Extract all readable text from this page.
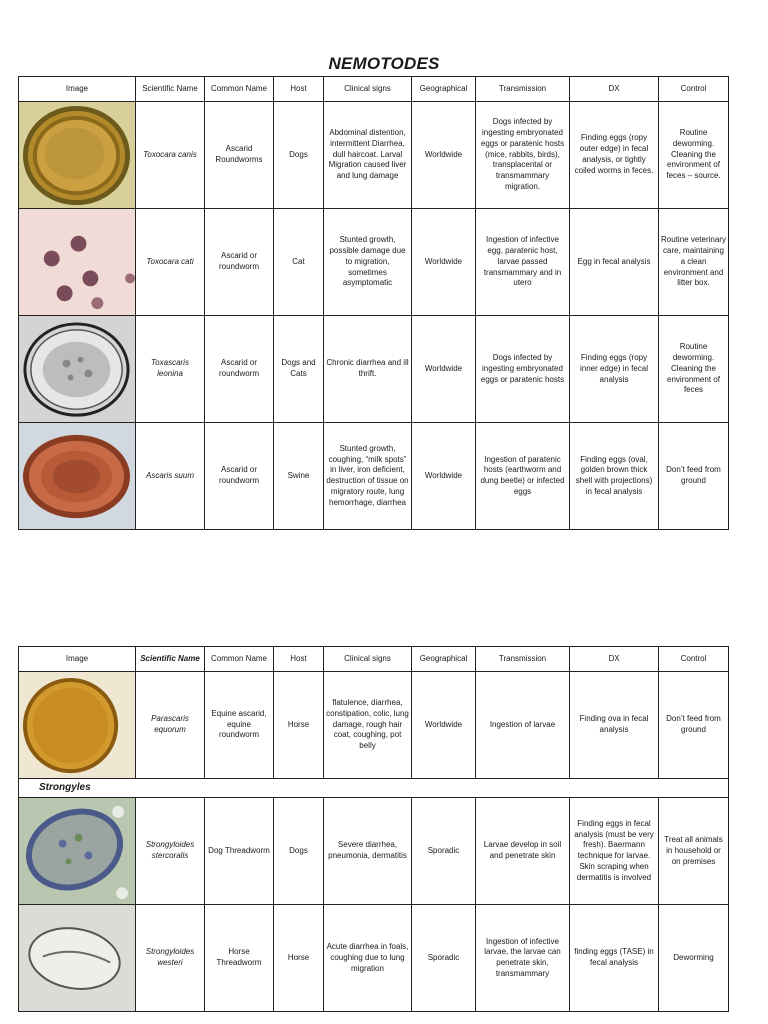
NEMOTODES
Image	Scientific Name	Common Name	Host	Clinical signs	Geographical	Transmission	DX	Control

	Toxocara canis	Ascarid Roundworms	Dogs	Abdominal distention, intermittent Diarrhea, dull haircoat. Larval Migration caused liver and lung damage	Worldwide	Dogs infected by ingesting embryonated eggs or paratenic hosts (mice, rabbits, birds), transplacental or transmammary migration.	Finding eggs (ropy outer edge) in fecal analysis, or tightly coiled worms in feces.	Routine deworming. Cleaning the environment of feces – source.

	Toxocara cati	Ascarid or roundworm	Cat	Stunted growth, possible damage due to migration, sometimes asymptomatic	Worldwide	Ingestion of infective egg, paratenic host, larvae passed transmammary and in utero	Egg in fecal analysis	Routine veterinary care, maintaining a clean environment and litter box.

	Toxascaris leonina	Ascarid or roundworm	Dogs and Cats	Chronic diarrhea and ill thrift.	Worldwide	Dogs infected by ingesting embryonated eggs or paratenic hosts	Finding eggs (ropy inner edge) in fecal analysis	Routine deworming. Cleaning the environment of feces

	Ascaris suum	Ascarid or roundworm	Swine	Stunted growth, coughing, “milk spots” in liver, iron deficient, destruction of tissue on migratory route, lung hemorrhage, diarrhea	Worldwide	Ingestion of paratenic hosts (earthworm and dung beetle) or infected eggs	Finding eggs (oval, golden brown thick shell with projections) in fecal analysis	Don’t feed from ground
Image	Scientific Name	Common Name	Host	Clinical signs	Geographical	Transmission	DX	Control

	Parascaris equorum	Equine ascarid, equine roundworm	Horse	flatulence, diarrhea, constipation, colic, lung damage, rough hair coat, coughing, pot belly	Worldwide	Ingestion of larvae	Finding ova in fecal analysis	Don’t feed from ground
Strongyles								

	Strongyloides stercoralis	Dog Threadworm	Dogs	Severe diarrhea, pneumonia, dermatitis	Sporadic	Larvae develop in soil and penetrate skin	Finding eggs in fecal analysis (must be very fresh). Baermann technique for larvae. Skin scraping when dermatitis is involved	Treat all animals in household or on premises

	Strongyloides westeri	Horse Threadworm	Horse	Acute diarrhea in foals, coughing due to lung migration	Sporadic	Ingestion of infective larvae, the larvae can penetrate skin, transmammary	finding eggs (TASE) in fecal analysis	Deworming
